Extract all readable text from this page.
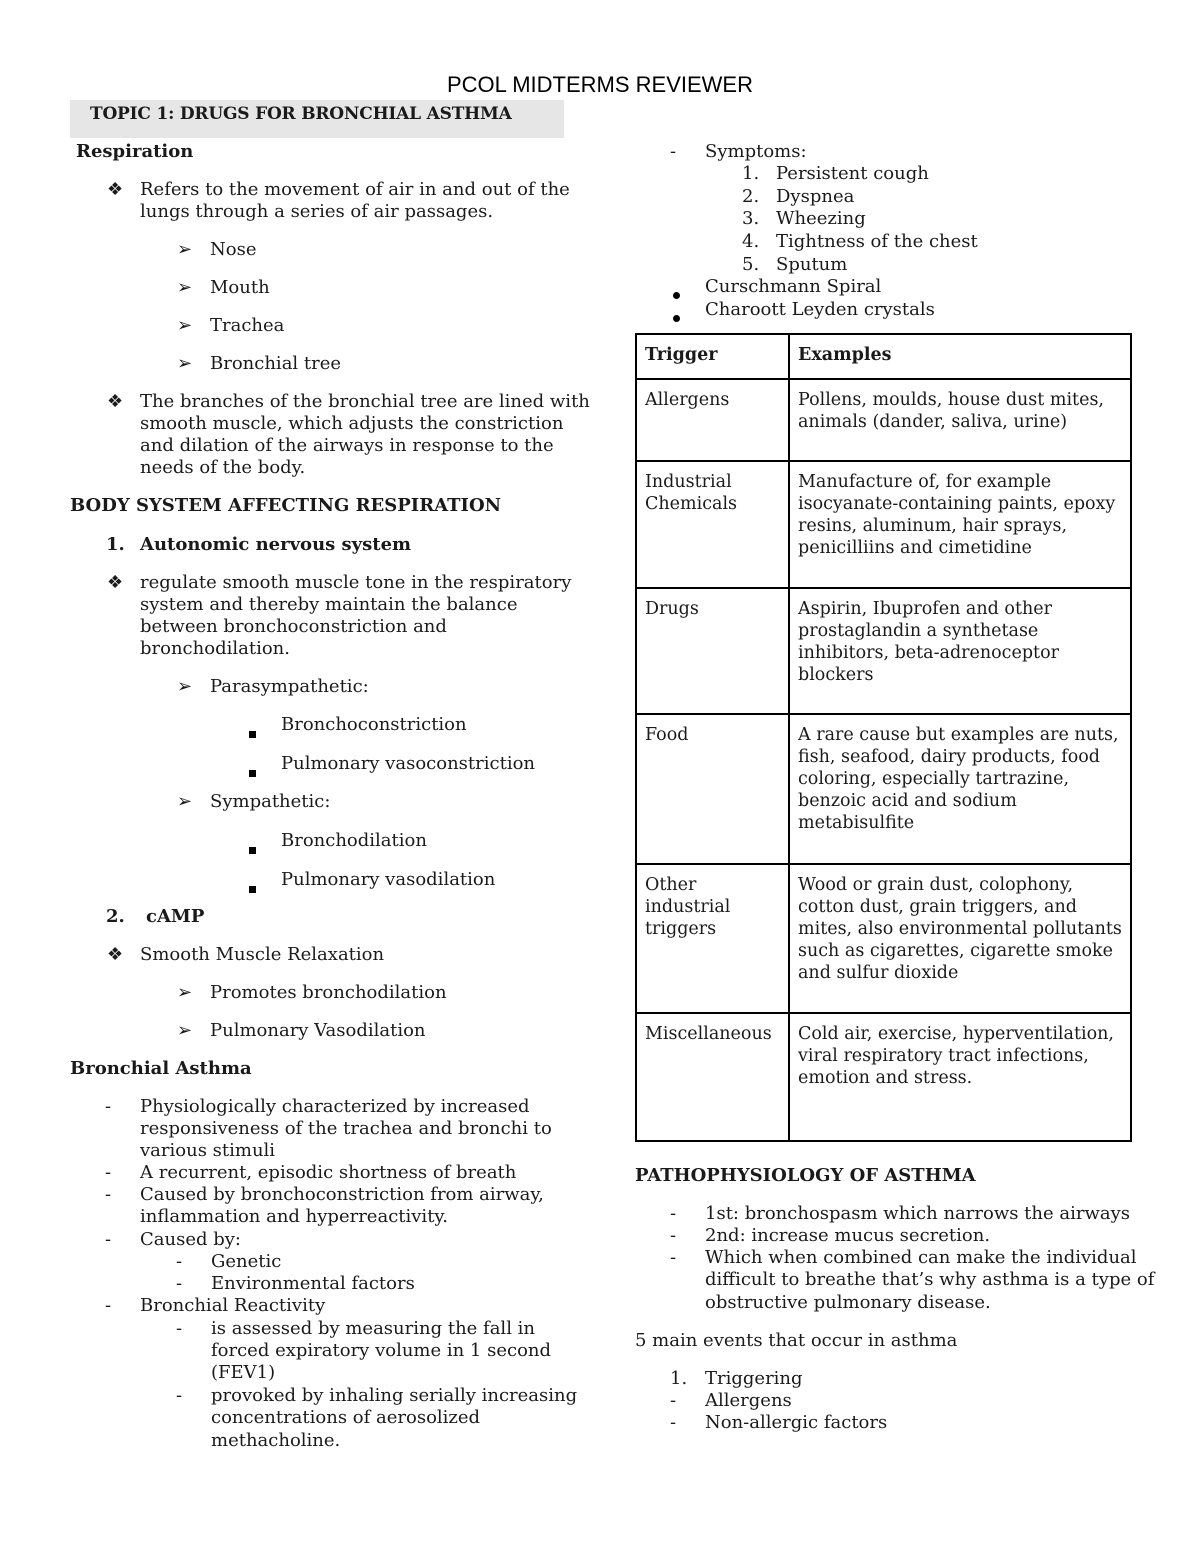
PCOL MIDTERMS REVIEWER
TOPIC 1: DRUGS FOR BRONCHIAL ASTHMA
Respiration
❖ Refers to the movement of air in and out of the
lungs through a series of air passages.
➢ Nose
➢ Mouth
➢ Trachea
➢ Bronchial tree
❖ The branches of the bronchial tree are lined with
smooth muscle, which adjusts the constriction
and dilation of the airways in response to the
needs of the body.
BODY SYSTEM AFFECTING RESPIRATION
1. Autonomic nervous system
❖ regulate smooth muscle tone in the respiratory
system and thereby maintain the balance
between bronchoconstriction and
bronchodilation.
➢ Parasympathetic:
Bronchoconstriction
Pulmonary vasoconstriction
➢ Sympathetic:
Bronchodilation
Pulmonary vasodilation
2. cAMP
❖ Smooth Muscle Relaxation
➢ Promotes bronchodilation
➢ Pulmonary Vasodilation
Bronchial Asthma
- Physiologically characterized by increased
responsiveness of the trachea and bronchi to
various stimuli
- A recurrent, episodic shortness of breath
- Caused by bronchoconstriction from airway,
inflammation and hyperreactivity.
- Caused by:
- Genetic
- Environmental factors
- Bronchial Reactivity
- is assessed by measuring the fall in
forced expiratory volume in 1 second
(FEV1)
- provoked by inhaling serially increasing
concentrations of aerosolized
methacholine.
- Symptoms:
1. Persistent cough
2. Dyspnea
3. Wheezing
4. Tightness of the chest
5. Sputum
Curschmann Spiral
Charoott Leyden crystals
Trigger	Examples
Allergens	Pollens, moulds, house dust mites, animals (dander, saliva, urine)
Industrial Chemicals	Manufacture of, for example isocyanate-containing paints, epoxy resins, aluminum, hair sprays, penicilliins and cimetidine
Drugs	Aspirin, Ibuprofen and other prostaglandin a synthetase inhibitors, beta-adrenoceptor blockers
Food	A rare cause but examples are nuts, fish, seafood, dairy products, food coloring, especially tartrazine, benzoic acid and sodium metabisulfite
Other industrial triggers	Wood or grain dust, colophony, cotton dust, grain triggers, and mites, also environmental pollutants such as cigarettes, cigarette smoke and sulfur dioxide
Miscellaneous	Cold air, exercise, hyperventilation, viral respiratory tract infections, emotion and stress.
PATHOPHYSIOLOGY OF ASTHMA
- 1st: bronchospasm which narrows the airways
- 2nd: increase mucus secretion.
- Which when combined can make the individual
difficult to breathe that’s why asthma is a type of
obstructive pulmonary disease.
5 main events that occur in asthma
1. Triggering
- Allergens
- Non-allergic factors
